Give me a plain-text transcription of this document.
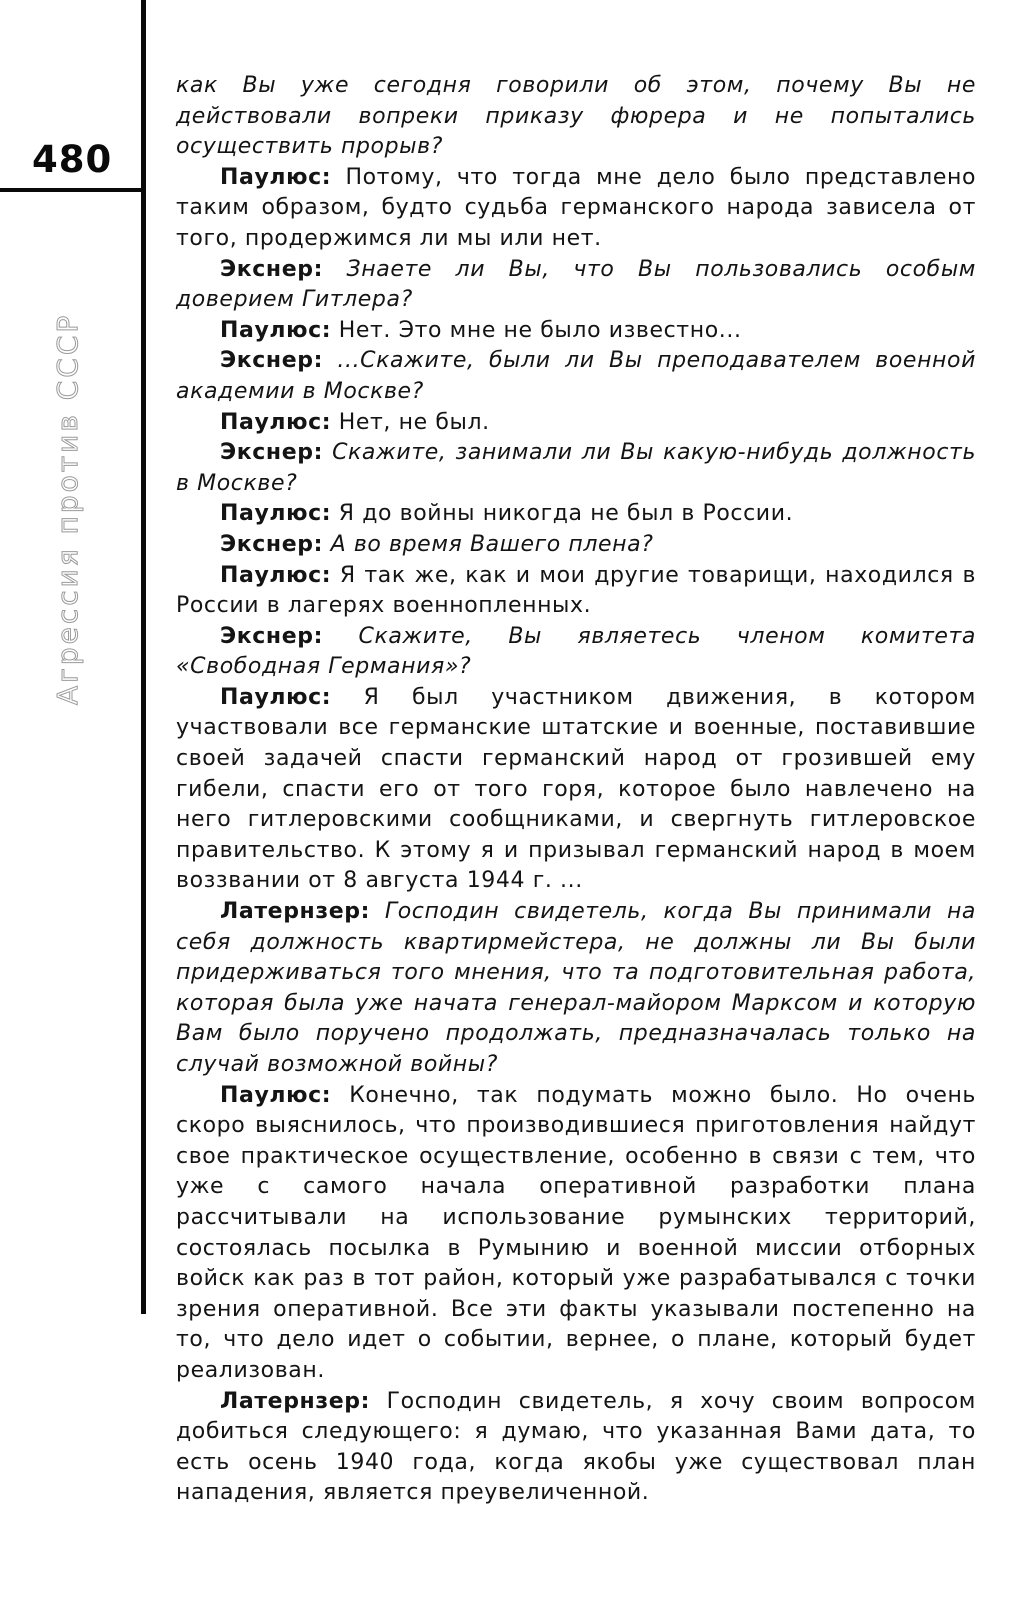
480
Агрессия против СССР

как Вы уже сегодня говорили об этом, почему Вы не действовали вопреки приказу фюрера и не попытались осуществить прорыв?

Паулюс: Потому, что тогда мне дело было представлено таким образом, будто судьба германского народа зависела от того, продержимся ли мы или нет.

Экснер: Знаете ли Вы, что Вы пользовались особым доверием Гитлера?

Паулюс: Нет. Это мне не было известно...

Экснер: ...Скажите, были ли Вы преподавателем военной академии в Москве?

Паулюс: Нет, не был.

Экснер: Скажите, занимали ли Вы какую-нибудь должность в Москве?

Паулюс: Я до войны никогда не был в России.

Экснер: А во время Вашего плена?

Паулюс: Я так же, как и мои другие товарищи, находился в России в лагерях военнопленных.

Экснер: Скажите, Вы являетесь членом комитета «Свободная Германия»?

Паулюс: Я был участником движения, в котором участвовали все германские штатские и военные, поставившие своей задачей спасти германский народ от грозившей ему гибели, спасти его от того горя, которое было навлечено на него гитлеровскими сообщниками, и свергнуть гитлеровское правительство. К этому я и призывал германский народ в моем воззвании от 8 августа 1944 г. ...

Латернзер: Господин свидетель, когда Вы принимали на себя должность квартирмейстера, не должны ли Вы были придерживаться того мнения, что та подготовительная работа, которая была уже начата генерал-майором Марксом и которую Вам было поручено продолжать, предназначалась только на случай возможной войны?

Паулюс: Конечно, так подумать можно было. Но очень скоро выяснилось, что производившиеся приготовления найдут свое практическое осуществление, особенно в связи с тем, что уже с самого начала оперативной разработки плана рассчитывали на использование румынских территорий, состоялась посылка в Румынию и военной миссии отборных войск как раз в тот район, который уже разрабатывался с точки зрения оперативной. Все эти факты указывали постепенно на то, что дело идет о событии, вернее, о плане, который будет реализован.

Латернзер: Господин свидетель, я хочу своим вопросом добиться следующего: я думаю, что указанная Вами дата, то есть осень 1940 года, когда якобы уже существовал план нападения, является преувеличенной.
